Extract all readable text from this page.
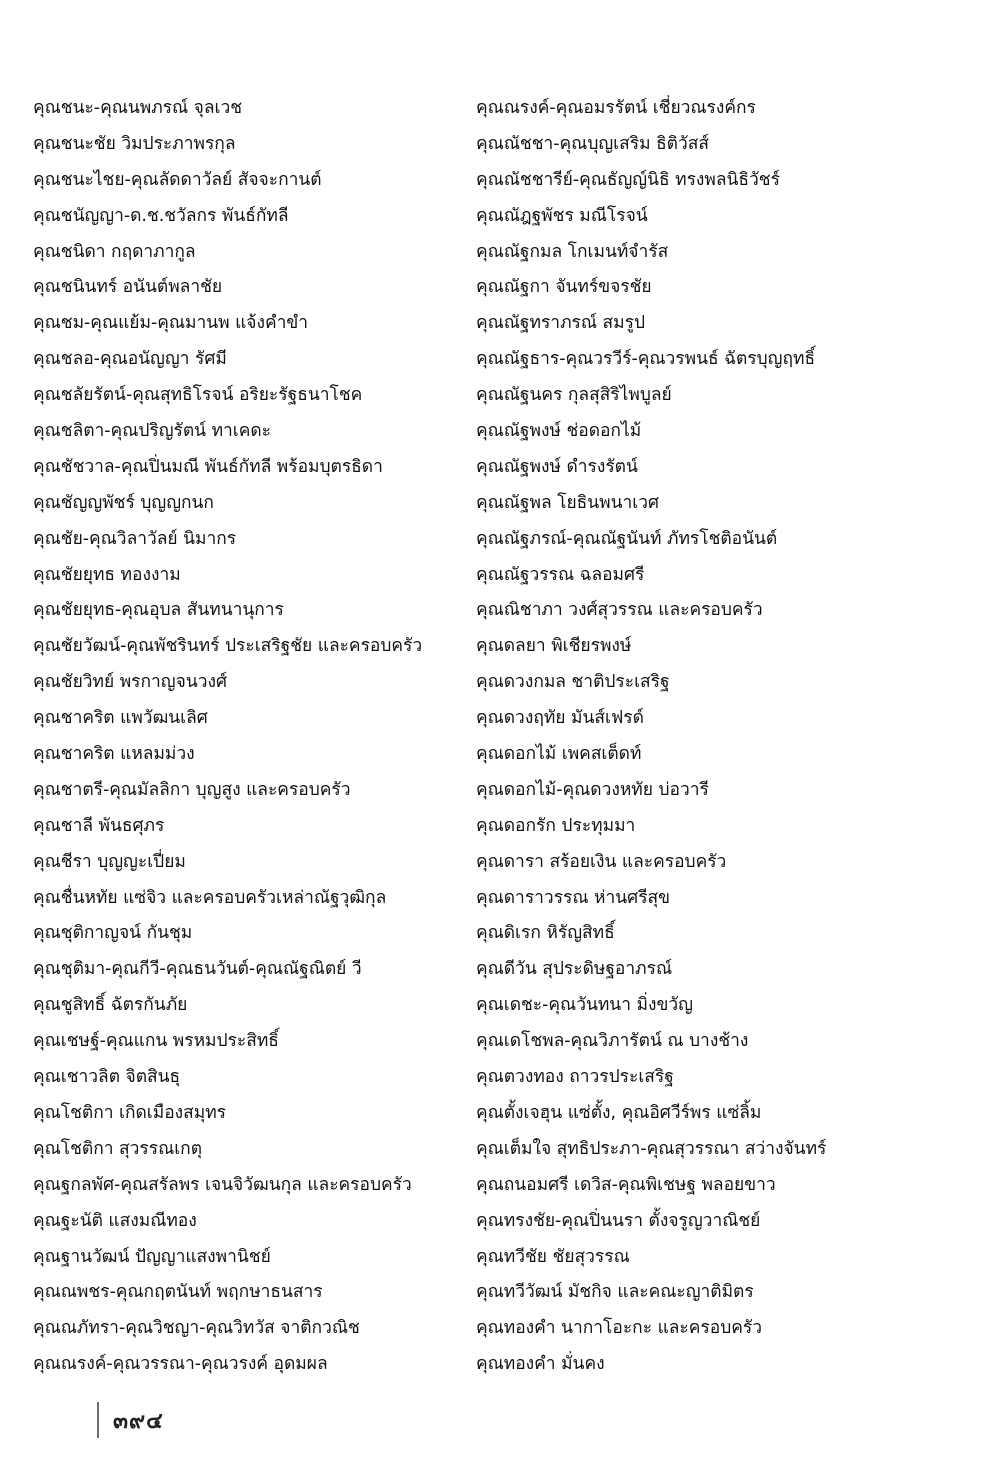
คุณชนะ-คุณนพภรณ์ จุลเวช
คุณชนะชัย วิมประภาพรกุล
คุณชนะไชย-คุณลัดดาวัลย์ สัจจะกานต์
คุณชนัญญา-ด.ช.ชวัลกร พันธ์กัทลี
คุณชนิดา กฤดาภากูล
คุณชนินทร์ อนันต์พลาชัย
คุณชม-คุณแย้ม-คุณมานพ แจ้งคำขำ
คุณชลอ-คุณอนัญญา รัศมี
คุณชลัยรัตน์-คุณสุทธิโรจน์ อริยะรัฐธนาโชค
คุณชลิตา-คุณปริญรัตน์ ทาเคดะ
คุณชัชวาล-คุณปิ่นมณี พันธ์กัทลี พร้อมบุตรธิดา
คุณชัญญพัชร์ บุญญกนก
คุณชัย-คุณวิลาวัลย์ นิมากร
คุณชัยยุทธ ทองงาม
คุณชัยยุทธ-คุณอุบล สันทนานุการ
คุณชัยวัฒน์-คุณพัชรินทร์ ประเสริฐชัย และครอบครัว
คุณชัยวิทย์ พรกาญจนวงศ์
คุณชาคริต แพวัฒนเลิศ
คุณชาคริต แหลมม่วง
คุณชาตรี-คุณมัลลิกา บุญสูง และครอบครัว
คุณชาลี พันธศุภร
คุณชีรา บุญญะเปี่ยม
คุณชื่นหทัย แซ่จิว และครอบครัวเหล่าณัฐวุฒิกุล
คุณชุติกาญจน์ กันชุม
คุณชุติมา-คุณกีวี-คุณธนวันต์-คุณณัฐณิตย์ วี
คุณชูสิทธิ์ ฉัตรกันภัย
คุณเชษฐ์-คุณแกน พรหมประสิทธิ์
คุณเชาวลิต จิตสินธุ
คุณโชติกา เกิดเมืองสมุทร
คุณโชติกา สุวรรณเกตุ
คุณฐกลพัศ-คุณสรัลพร เจนจิวัฒนกุล และครอบครัว
คุณฐะนัติ แสงมณีทอง
คุณฐานวัฒน์ ปัญญาแสงพานิชย์
คุณณพชร-คุณกฤตนันท์ พฤกษาธนสาร
คุณณภัทรา-คุณวิชญา-คุณวิทวัส จาติกวณิช
คุณณรงค์-คุณวรรณา-คุณวรงค์ อุดมผล
คุณณรงค์-คุณอมรรัตน์ เชี่ยวณรงค์กร
คุณณัชชา-คุณบุญเสริม ธิติวัสส์
คุณณัชชารีย์-คุณธัญญ์นิธิ ทรงพลนิธิวัชร์
คุณณัฎฐพัชร มณีโรจน์
คุณณัฐกมล โกเมนท์จำรัส
คุณณัฐกา จันทร์ขจรชัย
คุณณัฐทราภรณ์ สมรูป
คุณณัฐธาร-คุณวรวีร์-คุณวรพนธ์ ฉัตรบุญฤทธิ์
คุณณัฐนคร กุลสุสิริไพบูลย์
คุณณัฐพงษ์ ช่อดอกไม้
คุณณัฐพงษ์ ดำรงรัตน์
คุณณัฐพล โยธินพนาเวศ
คุณณัฐภรณ์-คุณณัฐนันท์ ภัทรโชติอนันต์
คุณณัฐวรรณ ฉลอมศรี
คุณณิชาภา วงศ์สุวรรณ และครอบครัว
คุณดลยา พิเชียรพงษ์
คุณดวงกมล ชาติประเสริฐ
คุณดวงฤทัย มันส์เฟรด์
คุณดอกไม้ เพคสเต็ดท์
คุณดอกไม้-คุณดวงหทัย บ่อวารี
คุณดอกรัก ประทุมมา
คุณดารา สร้อยเงิน และครอบครัว
คุณดาราวรรณ ห่านศรีสุข
คุณดิเรก หิรัญสิทธิ์
คุณดีวัน สุประดิษฐอาภรณ์
คุณเดชะ-คุณวันทนา มิ่งขวัญ
คุณเดโชพล-คุณวิภารัตน์ ณ บางช้าง
คุณตวงทอง ถาวรประเสริฐ
คุณตั้งเจฮุน แซ่ตั้ง, คุณอิศวีร์พร แซ่ลิ้ม
คุณเต็มใจ สุทธิประภา-คุณสุวรรณา สว่างจันทร์
คุณถนอมศรี เดวิส-คุณพิเชษฐ พลอยขาว
คุณทรงชัย-คุณปิ่นนรา ตั้งจรูญวาณิชย์
คุณทวีชัย ชัยสุวรรณ
คุณทวีวัฒน์ มัชกิจ และคณะญาติมิตร
คุณทองคำ นากาโอะกะ และครอบครัว
คุณทองคำ มั่นคง
๓๙๔
